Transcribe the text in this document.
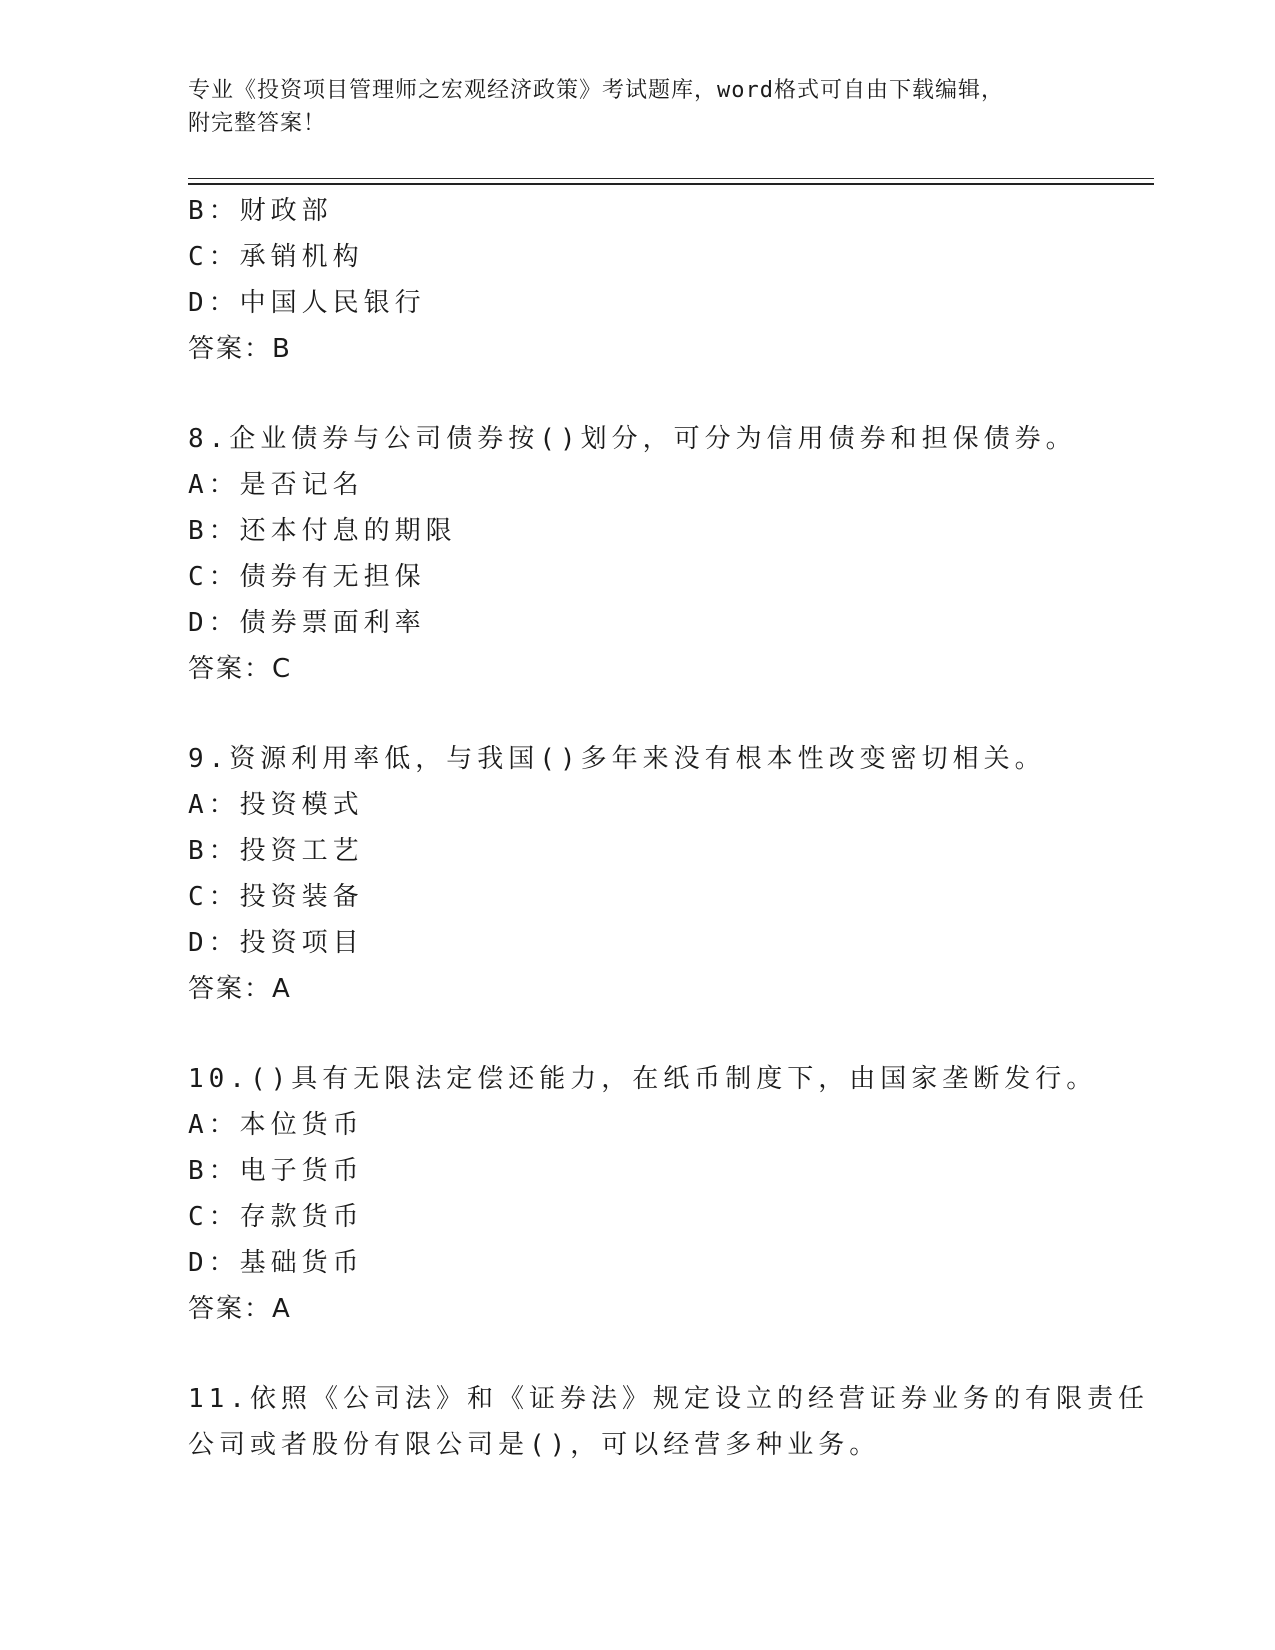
专业《投资项目管理师之宏观经济政策》考试题库，word格式可自由下载编辑，
附完整答案！
B：财政部
C：承销机构
D：中国人民银行
答案：B
8.企业债券与公司债券按()划分，可分为信用债券和担保债券。
A：是否记名
B：还本付息的期限
C：债券有无担保
D：债券票面利率
答案：C
9.资源利用率低，与我国()多年来没有根本性改变密切相关。
A：投资模式
B：投资工艺
C：投资装备
D：投资项目
答案：A
10.()具有无限法定偿还能力，在纸币制度下，由国家垄断发行。
A：本位货币
B：电子货币
C：存款货币
D：基础货币
答案：A
11.依照《公司法》和《证券法》规定设立的经营证券业务的有限责任
公司或者股份有限公司是()，可以经营多种业务。
